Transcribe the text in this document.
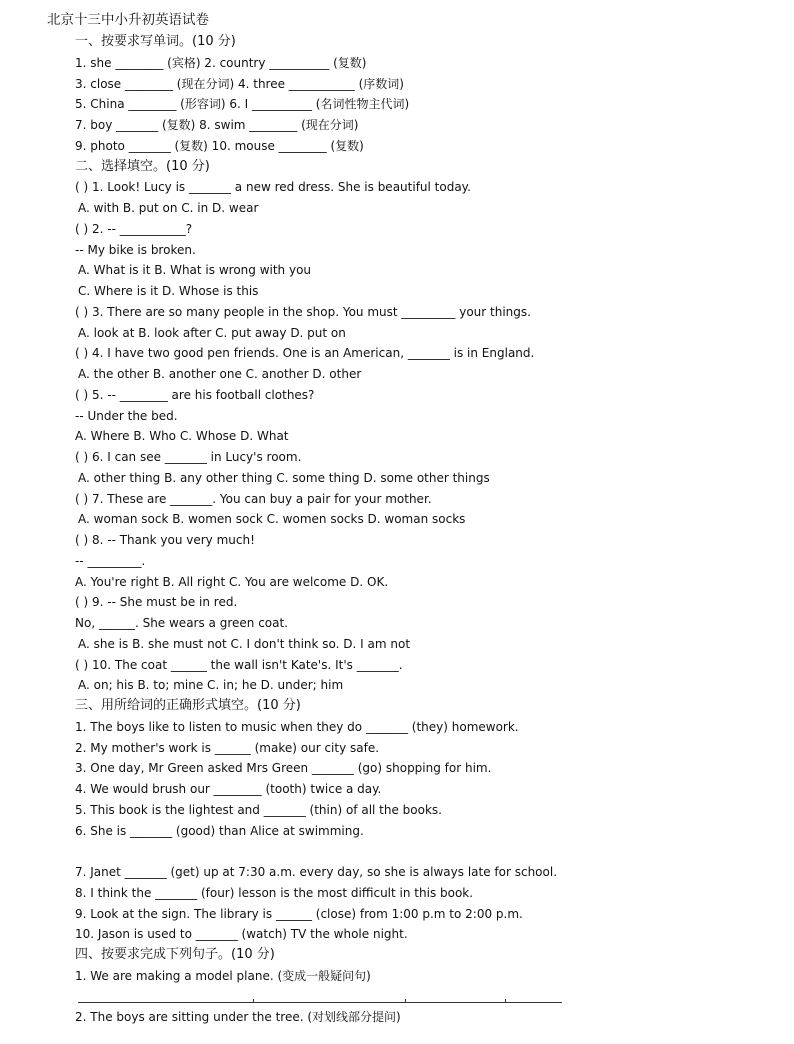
北京十三中小升初英语试卷
一、按要求写单词。(10 分)
1. she ________ (宾格) 2. country __________ (复数)
3. close ________ (现在分词) 4. three ___________ (序数词)
5. China ________ (形容词) 6. I __________ (名词性物主代词)
7. boy _______ (复数) 8. swim ________ (现在分词)
9. photo _______ (复数) 10. mouse ________ (复数)
二、选择填空。(10 分)
( ) 1. Look! Lucy is _______ a new red dress. She is beautiful today.
A. with B. put on C. in D. wear
( ) 2. -- ___________?
-- My bike is broken.
A. What is it B. What is wrong with you
C. Where is it D. Whose is this
( ) 3. There are so many people in the shop. You must _________ your things.
A. look at B. look after C. put away D. put on
( ) 4. I have two good pen friends. One is an American, _______ is in England.
A. the other B. another one C. another D. other
( ) 5. -- ________ are his football clothes?
-- Under the bed.
A. Where B. Who C. Whose D. What
( ) 6. I can see _______ in Lucy's room.
A. other thing B. any other thing C. some thing D. some other things
( ) 7. These are _______. You can buy a pair for your mother.
A. woman sock B. women sock C. women socks D. woman socks
( ) 8. -- Thank you very much!
-- _________.
A. You're right B. All right C. You are welcome D. OK.
( ) 9. -- She must be in red.
No, ______. She wears a green coat.
A. she is B. she must not C. I don't think so. D. I am not
( ) 10. The coat ______ the wall isn't Kate's. It's _______.
A. on; his B. to; mine C. in; he D. under; him
三、用所给词的正确形式填空。(10 分)
1. The boys like to listen to music when they do _______ (they) homework.
2. My mother's work is ______ (make) our city safe.
3. One day, Mr Green asked Mrs Green _______ (go) shopping for him.
4. We would brush our ________ (tooth) twice a day.
5. This book is the lightest and _______ (thin) of all the books.
6. She is _______ (good) than Alice at swimming.
7. Janet _______ (get) up at 7:30 a.m. every day, so she is always late for school.
8. I think the _______ (four) lesson is the most difficult in this book.
9. Look at the sign. The library is ______ (close) from 1:00 p.m to 2:00 p.m.
10. Jason is used to _______ (watch) TV the whole night.
四、按要求完成下列句子。(10 分)
1. We are making a model plane. (变成一般疑问句)
2. The boys are sitting under the tree. (对划线部分提问)
